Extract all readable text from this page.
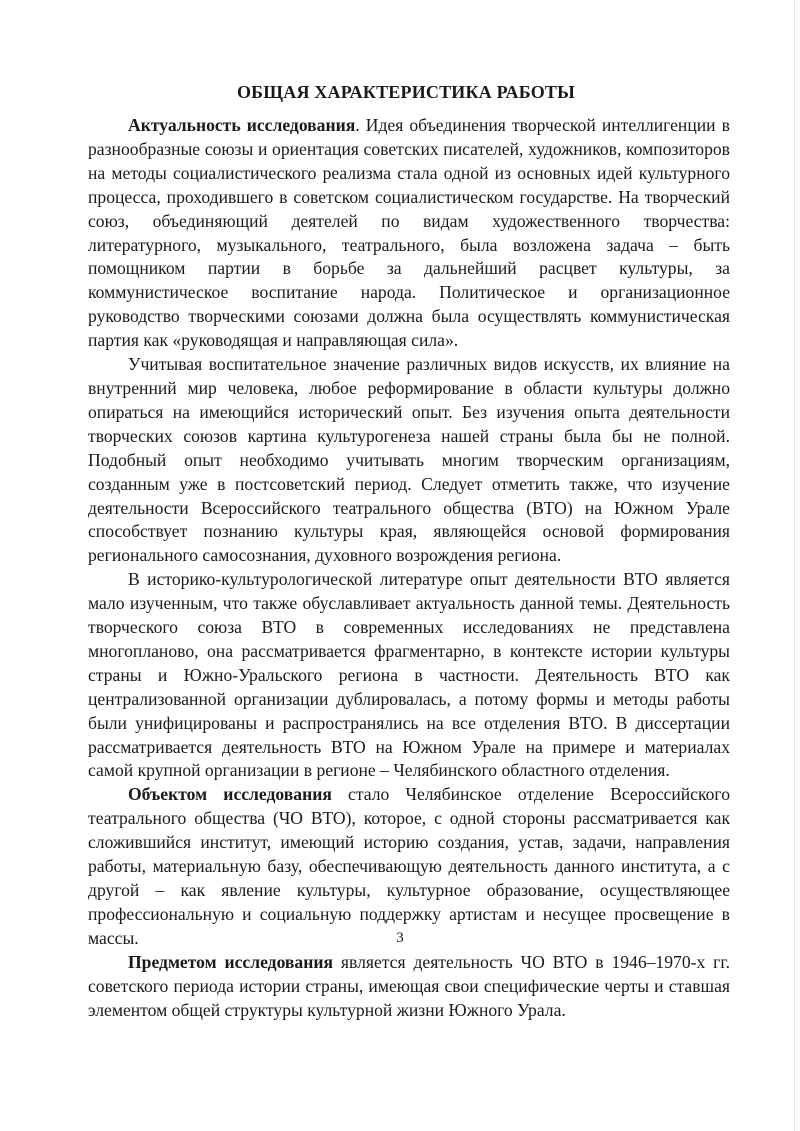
ОБЩАЯ ХАРАКТЕРИСТИКА РАБОТЫ

Актуальность исследования. Идея объединения творческой интеллигенции в разнообразные союзы и ориентация советских писателей, художников, композиторов на методы социалистического реализма стала одной из основных идей культурного процесса, проходившего в советском социалистическом государстве. На творческий союз, объединяющий деятелей по видам художественного творчества: литературного, музыкального, театрального, была возложена задача – быть помощником партии в борьбе за дальнейший расцвет культуры, за коммунистическое воспитание народа. Политическое и организационное руководство творческими союзами должна была осуществлять коммунистическая партия как «руководящая и направляющая сила».

Учитывая воспитательное значение различных видов искусств, их влияние на внутренний мир человека, любое реформирование в области культуры должно опираться на имеющийся исторический опыт. Без изучения опыта деятельности творческих союзов картина культурогенеза нашей страны была бы не полной. Подобный опыт необходимо учитывать многим творческим организациям, созданным уже в постсоветский период. Следует отметить также, что изучение деятельности Всероссийского театрального общества (ВТО) на Южном Урале способствует познанию культуры края, являющейся основой формирования регионального самосознания, духовного возрождения региона.

В историко-культурологической литературе опыт деятельности ВТО является мало изученным, что также обуславливает актуальность данной темы. Деятельность творческого союза ВТО в современных исследованиях не представлена многопланово, она рассматривается фрагментарно, в контексте истории культуры страны и Южно-Уральского региона в частности. Деятельность ВТО как централизованной организации дублировалась, а потому формы и методы работы были унифицированы и распространялись на все отделения ВТО. В диссертации рассматривается деятельность ВТО на Южном Урале на примере и материалах самой крупной организации в регионе – Челябинского областного отделения.

Объектом исследования стало Челябинское отделение Всероссийского театрального общества (ЧО ВТО), которое, с одной стороны рассматривается как сложившийся институт, имеющий историю создания, устав, задачи, направления работы, материальную базу, обеспечивающую деятельность данного института, а с другой – как явление культуры, культурное образование, осуществляющее профессиональную и социальную поддержку артистам и несущее просвещение в массы.

Предметом исследования является деятельность ЧО ВТО в 1946–1970-х гг. советского периода истории страны, имеющая свои специфические черты и ставшая элементом общей структуры культурной жизни Южного Урала.

3
